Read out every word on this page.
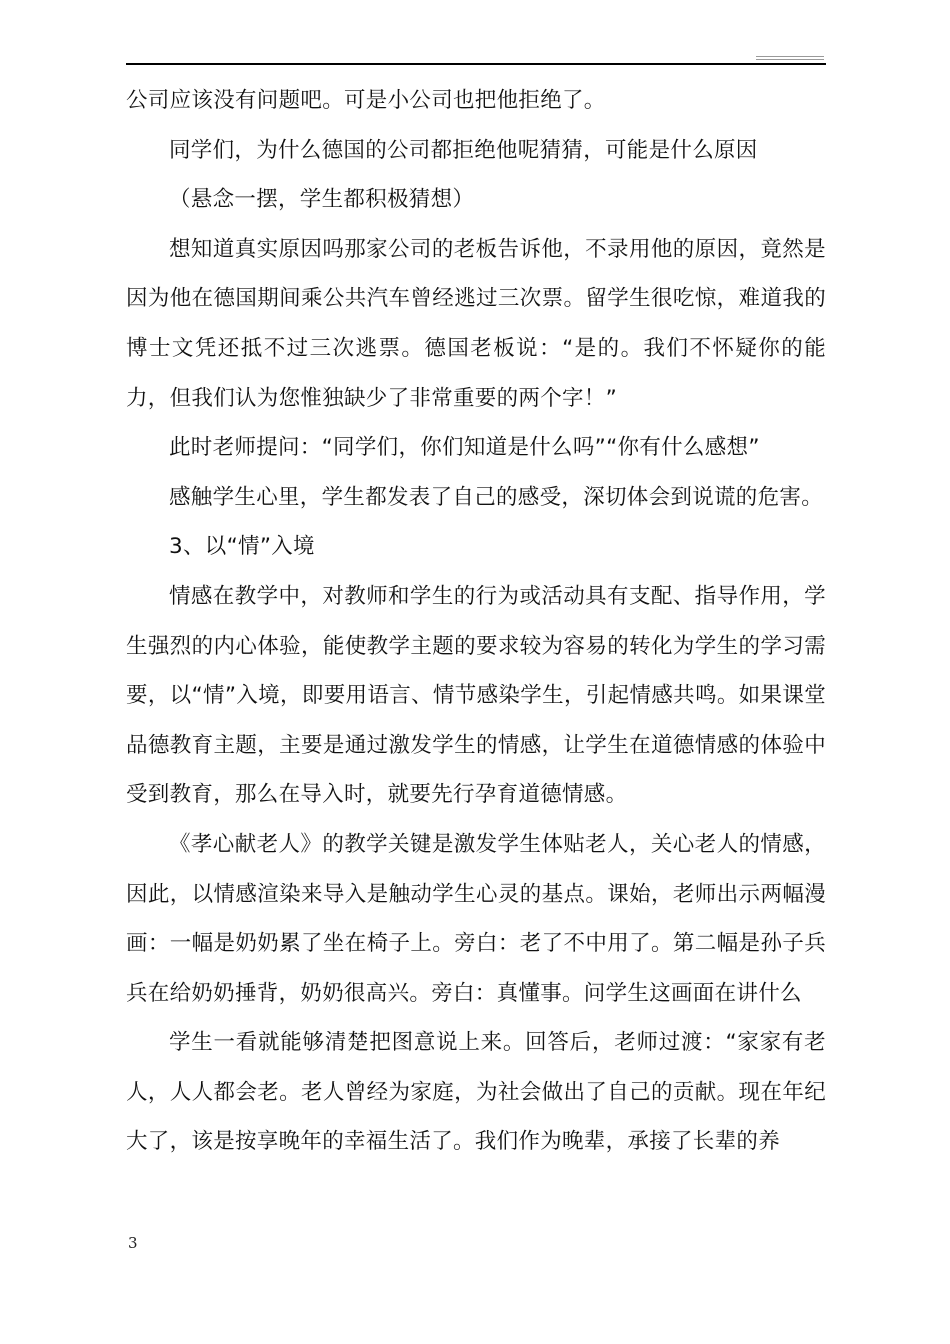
公司应该没有问题吧。可是小公司也把他拒绝了。

同学们，为什么德国的公司都拒绝他呢猜猜，可能是什么原因

（悬念一摆，学生都积极猜想）

想知道真实原因吗那家公司的老板告诉他，不录用他的原因，竟然是因为他在德国期间乘公共汽车曾经逃过三次票。留学生很吃惊，难道我的博士文凭还抵不过三次逃票。德国老板说：“是的。我们不怀疑你的能力，但我们认为您惟独缺少了非常重要的两个字！”

此时老师提问：“同学们，你们知道是什么吗”“你有什么感想”

感触学生心里，学生都发表了自己的感受，深切体会到说谎的危害。

3、以“情”入境

情感在教学中，对教师和学生的行为或活动具有支配、指导作用，学生强烈的内心体验，能使教学主题的要求较为容易的转化为学生的学习需要，以“情”入境，即要用语言、情节感染学生，引起情感共鸣。如果课堂品德教育主题，主要是通过激发学生的情感，让学生在道德情感的体验中受到教育，那么在导入时，就要先行孕育道德情感。

《孝心献老人》的教学关键是激发学生体贴老人，关心老人的情感，因此，以情感渲染来导入是触动学生心灵的基点。课始，老师出示两幅漫画：一幅是奶奶累了坐在椅子上。旁白：老了不中用了。第二幅是孙子兵兵在给奶奶捶背，奶奶很高兴。旁白：真懂事。问学生这画面在讲什么

学生一看就能够清楚把图意说上来。回答后，老师过渡：“家家有老人，人人都会老。老人曾经为家庭，为社会做出了自己的贡献。现在年纪大了，该是按享晚年的幸福生活了。我们作为晚辈，承接了长辈的养

3
